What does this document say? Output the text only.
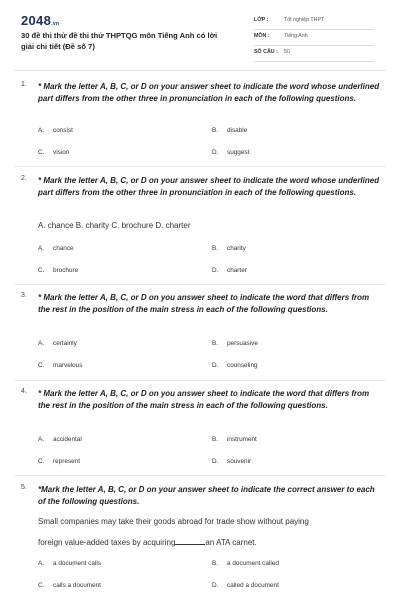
2048.vn
30 đề thi thử đề thi thử THPTQG môn Tiếng Anh có lời giải chi tiết (Đề số 7)
LỚP :	Tốt nghiệp THPT
MÔN :	Tiếng Anh
SỐ CÂU : 50
1. * Mark the letter A, B, C, or D on your answer sheet to indicate the word whose underlined part differs from the other three in pronunciation in each of the following questions.
A. consist	B. disable
C. vision	D. suggest
2. * Mark the letter A, B, C, or D on your answer sheet to indicate the word whose underlined part differs from the other three in pronunciation in each of the following questions.
A. chance B. charity C. brochure D. charter
A. chance	B. charity
C. brochure	D. charter
3. * Mark the letter A, B, C, or D on you answer sheet to indicate the word that differs from the rest in the position of the main stress in each of the following questions.
A. certainly	B. persuasive
C. marvelous	D. counseling
4. * Mark the letter A, B, C, or D on you answer sheet to indicate the word that differs from the rest in the position of the main stress in each of the following questions.
A. accidental	B. instrument
C. represent	D. souvenir
5. *Mark the letter A, B, C, or D on your answer sheet to indicate the correct answer to each of the following questions.
Small companies may take their goods abroad for trade show without paying
foreign value-added taxes by acquiring	an ATA carnet.
A. a document calls	B. a document called
C. calls a document	D. called a document
